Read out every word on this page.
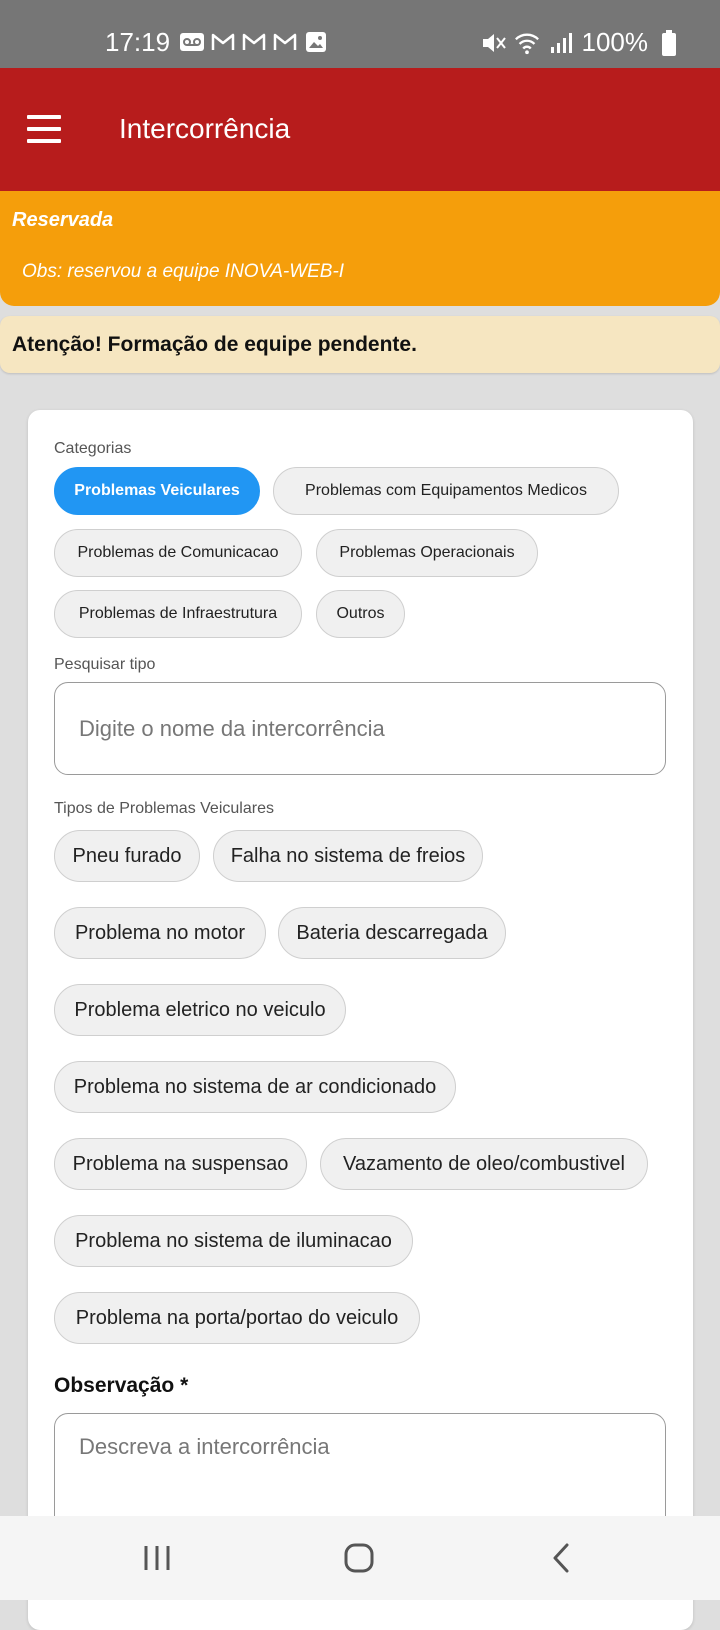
17:19	100%
Intercorrência
Reservada
Obs: reservou a equipe INOVA-WEB-I
Atenção! Formação de equipe pendente.
Categorias
Problemas Veiculares	Problemas com Equipamentos Medicos
Problemas de Comunicacao	Problemas Operacionais
Problemas de Infraestrutura	Outros
Pesquisar tipo
Digite o nome da intercorrência
Tipos de Problemas Veiculares
Pneu furado	Falha no sistema de freios
Problema no motor	Bateria descarregada
Problema eletrico no veiculo
Problema no sistema de ar condicionado
Problema na suspensao	Vazamento de oleo/combustivel
Problema no sistema de iluminacao
Problema na porta/portao do veiculo
Observação *
Descreva a intercorrência
